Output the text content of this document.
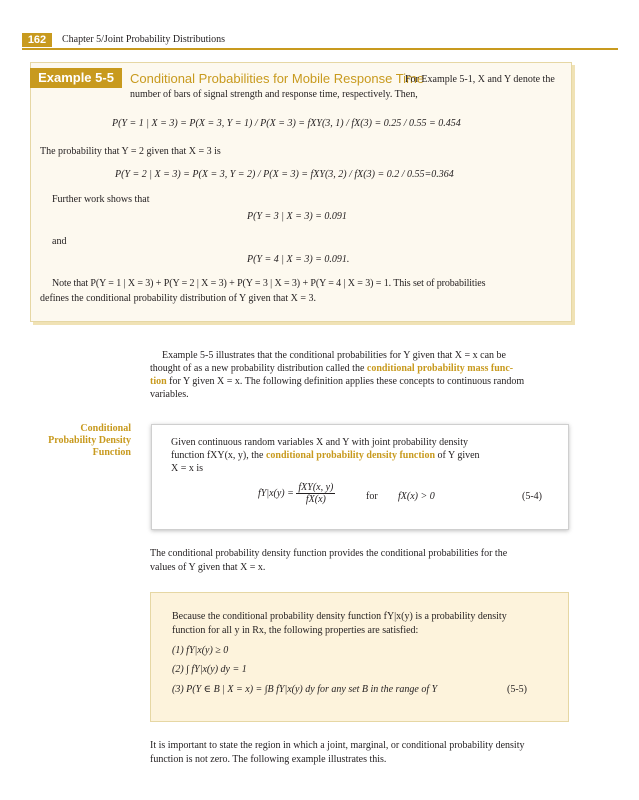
162	Chapter 5/Joint Probability Distributions
Example 5-5	Conditional Probabilities for Mobile Response Time
For Example 5-1, X and Y denote the
number of bars of signal strength and response time, respectively. Then,
P(Y = 1 | X = 3) = P(X = 3, Y = 1) / P(X = 3) = fXY(3, 1) / fX(3) = 0.25 / 0.55 = 0.454
The probability that Y = 2 given that X = 3 is
P(Y = 2 | X = 3) = P(X = 3, Y = 2) / P(X = 3) = fXY(3, 2) / fX(3) = 0.2 / 0.55=0.364
Further work shows that
P(Y = 3 | X = 3) = 0.091
and
P(Y = 4 | X = 3) = 0.091.
Note that P(Y = 1 | X = 3) + P(Y = 2 | X = 3) + P(Y = 3 | X = 3) + P(Y = 4 | X = 3) = 1. This set of probabilities
defines the conditional probability distribution of Y given that X = 3.
Example 5-5 illustrates that the conditional probabilities for Y given that X = x can be
thought of as a new probability distribution called the conditional probability mass func-
tion for Y given X = x. The following definition applies these concepts to continuous random
variables.
Conditional
Probability Density
Function
Given continuous random variables X and Y with joint probability density
function fXY(x, y), the conditional probability density function of Y given
X = x is
$fY|x(y) = \frac{\text{fXY(x, y)}}{fX(x)}$	for fX(x) > 0	(5-4)
The conditional probability density function provides the conditional probabilities for the
values of Y given that X = x.
Because the conditional probability density function fY|x(y) is a probability density
function for all y in Rx, the following properties are satisfied:
(1) fY|x(y) ≥ 0
(2) ∫ fY|x(y) dy = 1
(3) P(Y ∈ B | X = x) = ∫B fY|x(y) dy for any set B in the range of Y	(5-5)
It is important to state the region in which a joint, marginal, or conditional probability density
function is not zero. The following example illustrates this.
